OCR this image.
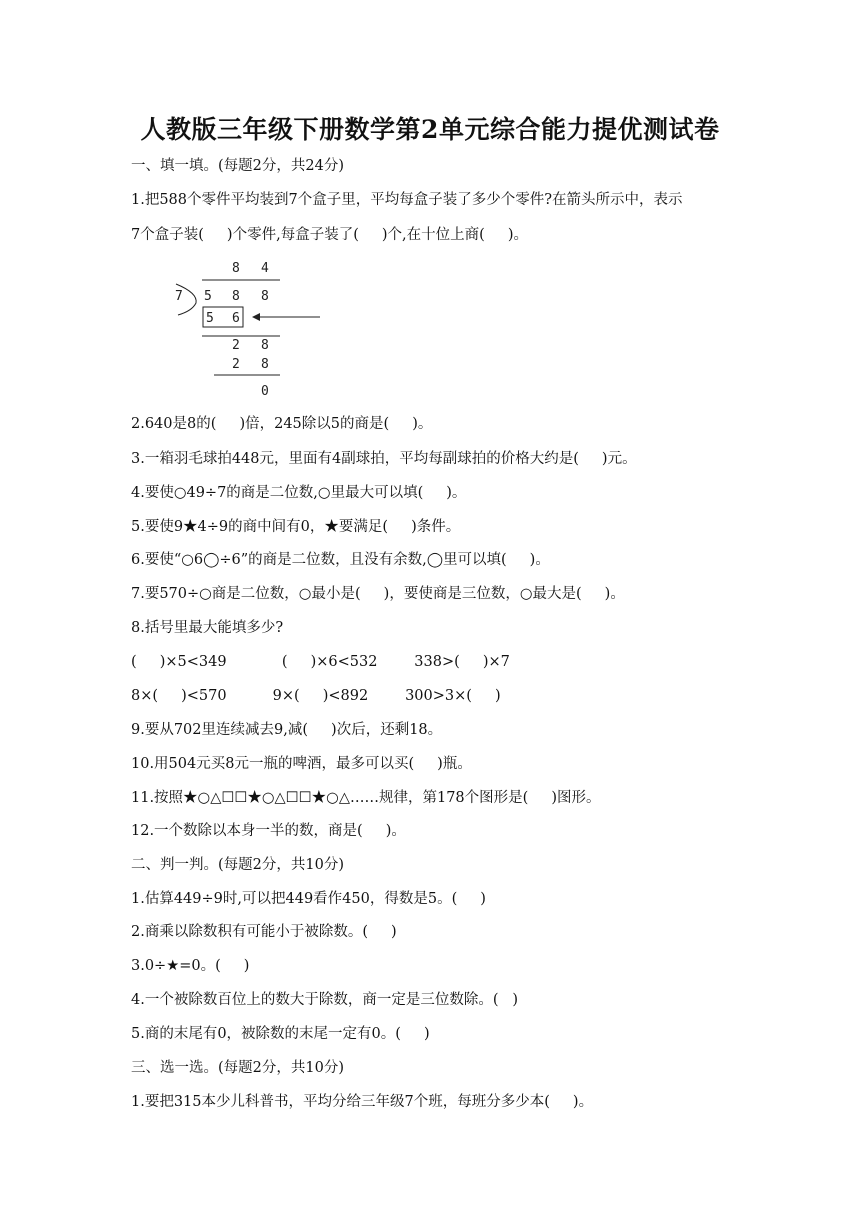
人教版三年级下册数学第2单元综合能力提优测试卷
一、填一填。(每题2分，共24分)
1.把588个零件平均装到7个盒子里，平均每盒子装了多少个零件?在箭头所示中，表示
7个盒子装(     )个零件,每盒子装了(     )个,在十位上商(     )。
8 4
7 5 8 8
5 6
2 8
2 8
0
2.640是8的(     )倍，245除以5的商是(     )。
3.一箱羽毛球拍448元，里面有4副球拍，平均每副球拍的价格大约是(     )元。
4.要使○49÷7的商是二位数,○里最大可以填(     )。
5.要使9★4÷9的商中间有0，★要满足(     )条件。
6.要使“○6◯÷6”的商是二位数，且没有余数,◯里可以填(     )。
7.要570÷○商是二位数，○最小是(     )，要使商是三位数，○最大是(     )。
8.括号里最大能填多少?
(     )×5<349            (     )×6<532        338>(     )×7
8×(     )<570          9×(     )<892        300>3×(     )
9.要从702里连续减去9,减(     )次后，还剩18。
10.用504元买8元一瓶的啤酒，最多可以买(     )瓶。
11.按照★○△☐☐★○△☐☐★○△……规律，第178个图形是(     )图形。
12.一个数除以本身一半的数，商是(     )。
二、判一判。(每题2分，共10分)
1.估算449÷9时,可以把449看作450，得数是5。(     )
2.商乘以除数积有可能小于被除数。(     )
3.0÷★=0。(     )
4.一个被除数百位上的数大于除数，商一定是三位数除。(   )
5.商的末尾有0，被除数的末尾一定有0。(     )
三、选一选。(每题2分，共10分)
1.要把315本少儿科普书，平均分给三年级7个班，每班分多少本(     )。
